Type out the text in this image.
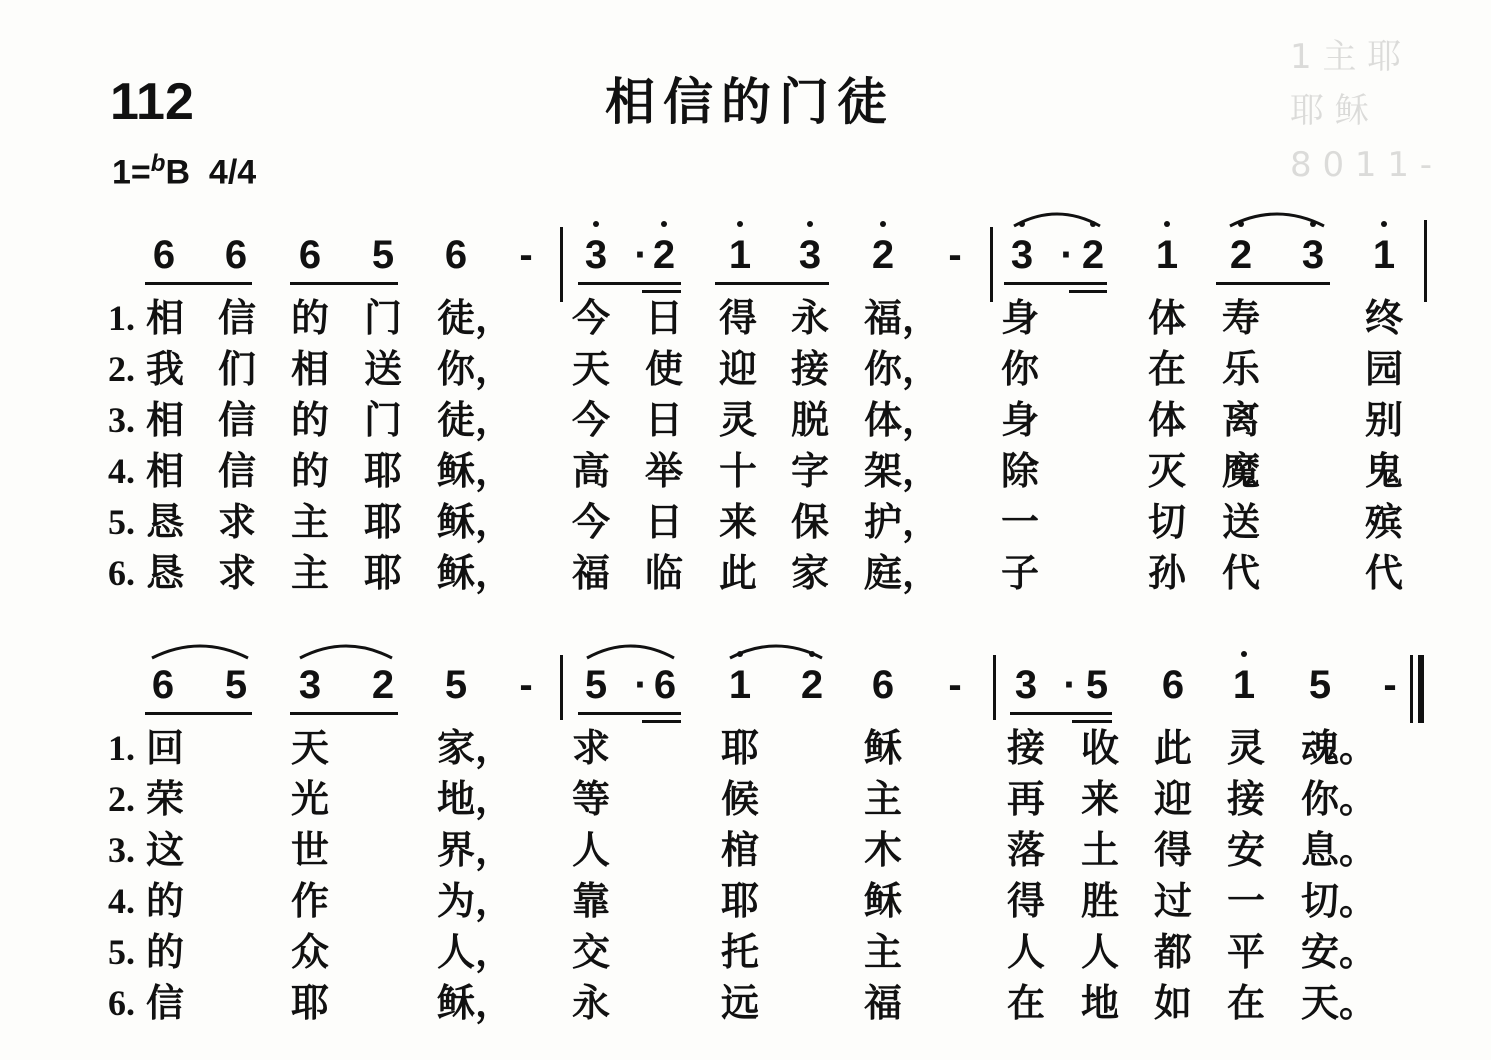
112	相信的门徒
1=$^b$B 4/4
1 主 耶
耶 稣
8 0 1 1 -
6	6	6	5	6	-	3 · 2	1	3	2	-	3 · 2	1	2	3	1
1. 相 信 的 门 徒，	今 日 得 永 福，	身	体 寿	终
2. 我 们 相 送 你，	天 使 迎 接 你，	你	在 乐	园
3. 相 信 的 门 徒，	今 日 灵 脱 体，	身	体 离	别
4. 相 信 的 耶 稣，	高 举 十 字 架，	除	灭 魔	鬼
5. 恳 求 主 耶 稣，	今 日 来 保 护，	一	切 送	殡
6. 恳 求 主 耶 稣，	福 临 此 家 庭，	子	孙 代	代
6	5	3	2	5	-	5 · 6	1	2	6	-	3 · 5	6	1	5	-
1. 回	天	家，	求	耶	稣	接 收 此 灵 魂。
2. 荣	光	地，	等	候	主	再 来 迎 接 你。
3. 这	世	界，	人	棺	木	落 土 得 安 息。
4. 的	作	为，	靠	耶	稣	得 胜 过 一 切。
5. 的	众	人，	交	托	主	人 人 都 平 安。
6. 信	耶	稣，	永	远	福	在 地 如 在 天。
